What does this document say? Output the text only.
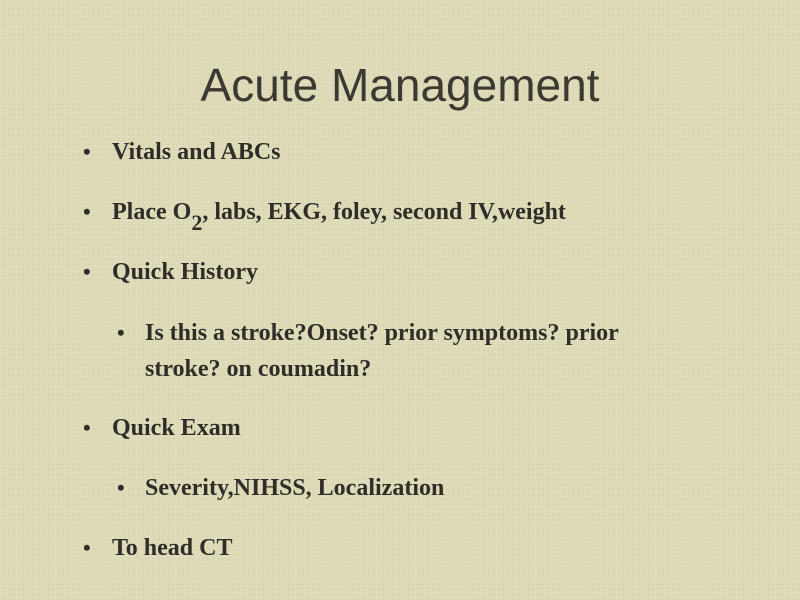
Acute Management
• Vitals and ABCs
• Place $O_2$, labs, EKG, foley, second IV,weight
• Quick History
• Is this a stroke?Onset? prior symptoms? prior
stroke? on coumadin?
• Quick Exam
• Severity,NIHSS, Localization
• To head CT
